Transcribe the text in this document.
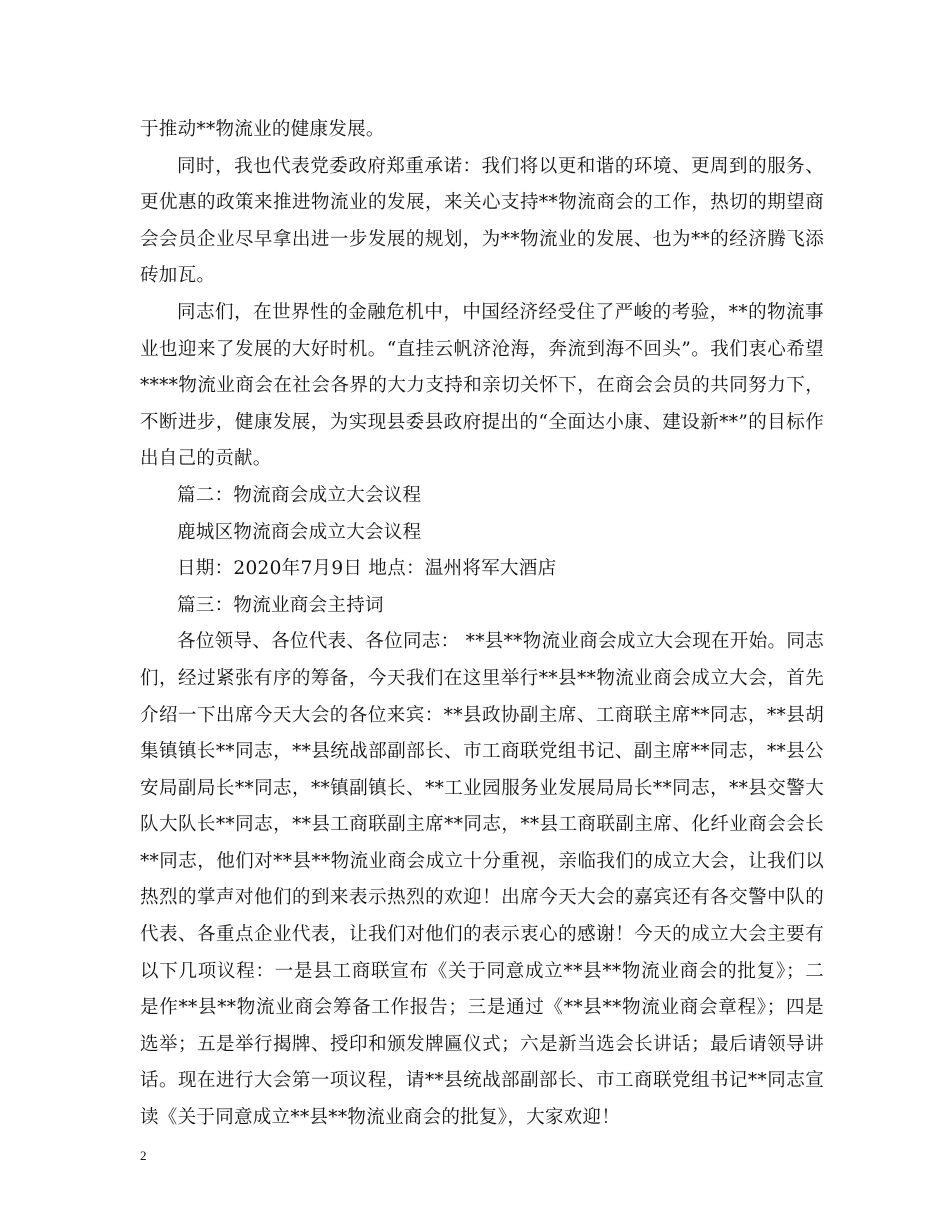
于推动**物流业的健康发展。

同时，我也代表党委政府郑重承诺：我们将以更和谐的环境、更周到的服务、更优惠的政策来推进物流业的发展，来关心支持**物流商会的工作，热切的期望商会会员企业尽早拿出进一步发展的规划，为**物流业的发展、也为**的经济腾飞添砖加瓦。

同志们，在世界性的金融危机中，中国经济经受住了严峻的考验，**的物流事业也迎来了发展的大好时机。“直挂云帆济沧海，奔流到海不回头”。我们衷心希望****物流业商会在社会各界的大力支持和亲切关怀下，在商会会员的共同努力下，不断进步，健康发展，为实现县委县政府提出的“全面达小康、建设新**”的目标作出自己的贡献。

篇二：物流商会成立大会议程

鹿城区物流商会成立大会议程

日期：2020年7月9日 地点：温州将军大酒店

篇三：物流业商会主持词

各位领导、各位代表、各位同志： **县**物流业商会成立大会现在开始。同志们，经过紧张有序的筹备，今天我们在这里举行**县**物流业商会成立大会，首先介绍一下出席今天大会的各位来宾：**县政协副主席、工商联主席**同志，**县胡集镇镇长**同志，**县统战部副部长、市工商联党组书记、副主席**同志，**县公安局副局长**同志，**镇副镇长、**工业园服务业发展局局长**同志，**县交警大队大队长**同志，**县工商联副主席**同志，**县工商联副主席、化纤业商会会长**同志，他们对**县**物流业商会成立十分重视，亲临我们的成立大会，让我们以热烈的掌声对他们的到来表示热烈的欢迎！出席今天大会的嘉宾还有各交警中队的代表、各重点企业代表，让我们对他们的表示衷心的感谢！今天的成立大会主要有以下几项议程：一是县工商联宣布《关于同意成立**县**物流业商会的批复》；二是作**县**物流业商会筹备工作报告；三是通过《**县**物流业商会章程》；四是选举；五是举行揭牌、授印和颁发牌匾仪式；六是新当选会长讲话；最后请领导讲话。现在进行大会第一项议程，请**县统战部副部长、市工商联党组书记**同志宣读《关于同意成立**县**物流业商会的批复》，大家欢迎！

2
